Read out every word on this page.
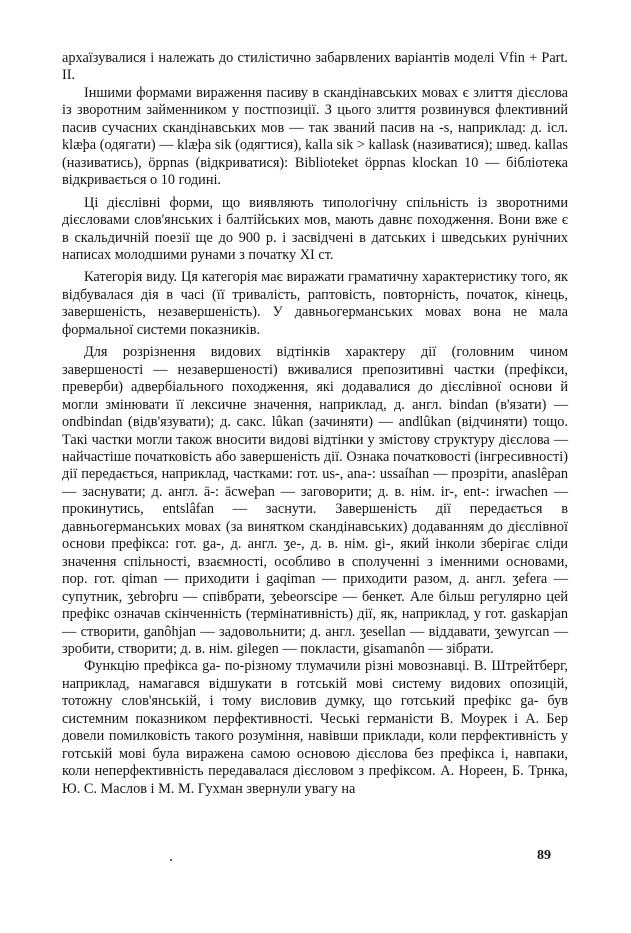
архаїзувалися і належать до стилістично забарвлених варіантів моделі Vfin + Part. II.

Іншими формами вираження пасиву в скандінавських мовах є злиття дієслова із зворотним займенником у постпозиції. З цього злиття розвинувся флективний пасив сучасних скандінавських мов — так званий пасив на -s, наприклад: д. ісл. klæþa (одягати) — klæþa sik (одягтися), kalla sik > kallask (називатися); швед. kallas (називатись), öppnas (відкриватися): Biblioteket öppnas klockan 10 — бібліотека відкривається о 10 годині.

Ці дієслівні форми, що виявляють типологічну спільність із зворотними дієсловами слов'янських і балтійських мов, мають давнє походження. Вони вже є в скальдичній поезії ще до 900 р. і засвідчені в датських і шведських рунічних написах молодшими рунами з початку XI ст.

Категорія виду. Ця категорія має виражати граматичну характеристику того, як відбувалася дія в часі (її тривалість, раптовість, повторність, початок, кінець, завершеність, незавершеність). У давньогерманських мовах вона не мала формальної системи показників.

Для розрізнення видових відтінків характеру дії (головним чином завершеності — незавершеності) вживалися препозитивні частки (префікси, преверби) адвербіального походження, які додавалися до дієслівної основи й могли змінювати її лексичне значення, наприклад, д. англ. bindan (в'язати) — ondbindan (відв'язувати); д. сакс. lûkan (зачиняти) — andlûkan (відчиняти) тощо. Такі частки могли також вносити видові відтінки у змістову структуру дієслова — найчастіше початковість або завершеність дії. Ознака початковості (інгресивності) дії передається, наприклад, частками: гот. us-, ana-: ussaíhan — прозріти, anaslêpan — заснувати; д. англ. ā-: ācweþan — заговорити; д. в. нім. ir-, ent-: irwachen — прокинутись, entslâfan — заснути. Завершеність дії передається в давньогерманських мовах (за винятком скандінавських) додаванням до дієслівної основи префікса: гот. ga-, д. англ. ʒe-, д. в. нім. gi-, який інколи зберігає сліди значення спільності, взаємності, особливо в сполученні з іменними основами, пор. гот. qiman — приходити і gaqiman — приходити разом, д. англ. ʒefera — супутник, ʒebroþru — співбрати, ʒebeorscipe — бенкет. Але більш регулярно цей префікс означав скінченність (термінативність) дії, як, наприклад, у гот. gaskapjan — створити, ganôhjan — задовольнити; д. англ. ʒesellan — віддавати, ʒewyrcan — зробити, створити; д. в. нім. gilegen — покласти, gisamanôn — зібрати.

Функцію префікса ga- по-різному тлумачили різні мовознавці. В. Штрейтберг, наприклад, намагався відшукати в готській мові систему видових опозицій, тотожну слов'янській, і тому висловив думку, що готський префікс ga- був системним показником перфективності. Чеські германісти В. Моурек і А. Бер довели помилковість такого розуміння, навівши приклади, коли перфективність у готській мові була виражена самою основою дієслова без префікса і, навпаки, коли неперфективність передавалася дієсловом з префіксом. А. Нореен, Б. Трнка, Ю. С. Маслов і М. М. Гухман звернули увагу на

89
